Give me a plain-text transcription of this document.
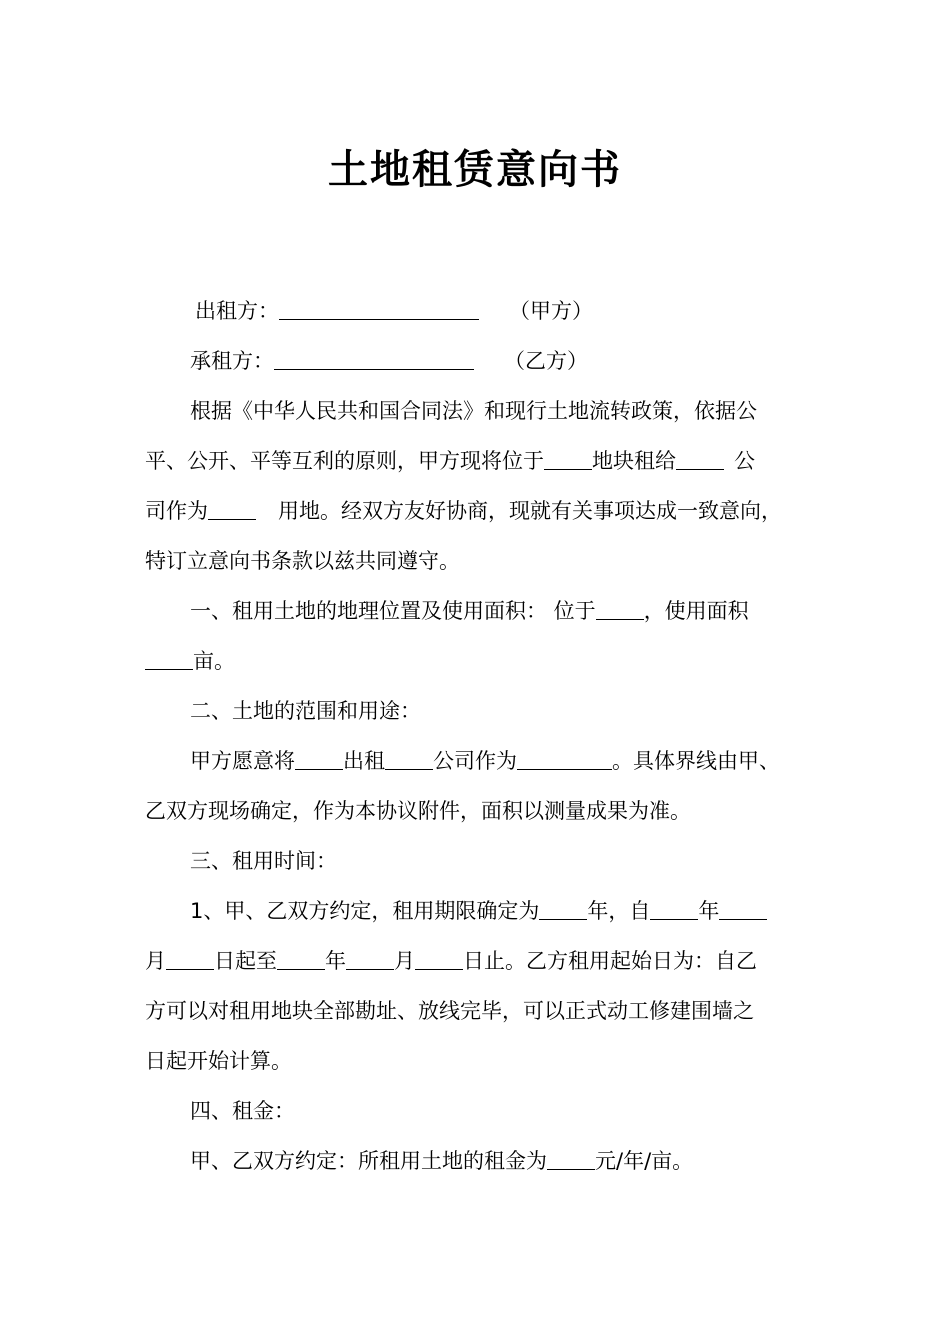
土地租赁意向书
出租方：	（甲方）
承租方：	（乙方）
根据《中华人民共和国合同法》和现行土地流转政策，依据公
平、公开、平等互利的原则，甲方现将位于 地块租给	公
司作为	用地。经双方友好协商，现就有关事项达成一致意向，
特订立意向书条款以兹共同遵守。
一、租用土地的地理位置及使用面积： 位于 ，使用面积
亩。
二、土地的范围和用途：
甲方愿意将 出租 公司作为	。具体界线由甲、
乙双方现场确定，作为本协议附件，面积以测量成果为准。
三、租用时间：
1、甲、乙双方约定，租用期限确定为 年，自 年
月 日起至 年 月 日止。乙方租用起始日为：自乙
方可以对租用地块全部勘址、放线完毕，可以正式动工修建围墙之
日起开始计算。
四、租金：
甲、乙双方约定：所租用土地的租金为 元/年/亩。
